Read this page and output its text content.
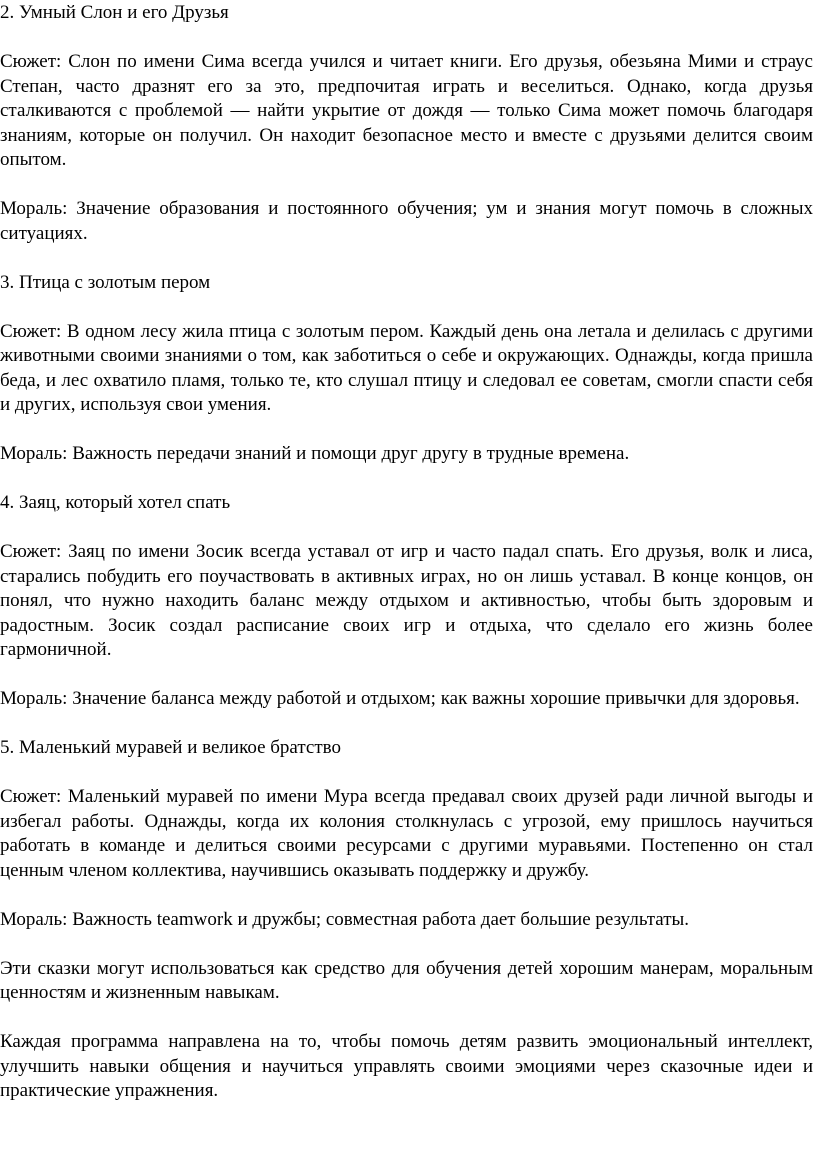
2. Умный Слон и его Друзья
Сюжет: Слон по имени Сима всегда учился и читает книги. Его друзья, обезьяна Мими и страус Степан, часто дразнят его за это, предпочитая играть и веселиться. Однако, когда друзья сталкиваются с проблемой — найти укрытие от дождя — только Сима может помочь благодаря знаниям, которые он получил. Он находит безопасное место и вместе с друзьями делится своим опытом.
Мораль: Значение образования и постоянного обучения; ум и знания могут помочь в сложных ситуациях.
3. Птица с золотым пером
Сюжет: В одном лесу жила птица с золотым пером. Каждый день она летала и делилась с другими животными своими знаниями о том, как заботиться о себе и окружающих. Однажды, когда пришла беда, и лес охватило пламя, только те, кто слушал птицу и следовал ее советам, смогли спасти себя и других, используя свои умения.
Мораль: Важность передачи знаний и помощи друг другу в трудные времена.
4. Заяц, который хотел спать
Сюжет: Заяц по имени Зосик всегда уставал от игр и часто падал спать. Его друзья, волк и лиса, старались побудить его поучаствовать в активных играх, но он лишь уставал. В конце концов, он понял, что нужно находить баланс между отдыхом и активностью, чтобы быть здоровым и радостным. Зосик создал расписание своих игр и отдыха, что сделало его жизнь более гармоничной.
Мораль: Значение баланса между работой и отдыхом; как важны хорошие привычки для здоровья.
5. Маленький муравей и великое братство
Сюжет: Маленький муравей по имени Мура всегда предавал своих друзей ради личной выгоды и избегал работы. Однажды, когда их колония столкнулась с угрозой, ему пришлось научиться работать в команде и делиться своими ресурсами с другими муравьями. Постепенно он стал ценным членом коллектива, научившись оказывать поддержку и дружбу.
Мораль: Важность teamwork и дружбы; совместная работа дает большие результаты.
Эти сказки могут использоваться как средство для обучения детей хорошим манерам, моральным ценностям и жизненным навыкам.
Каждая программа направлена на то, чтобы помочь детям развить эмоциональный интеллект, улучшить навыки общения и научиться управлять своими эмоциями через сказочные идеи и практические упражнения.
